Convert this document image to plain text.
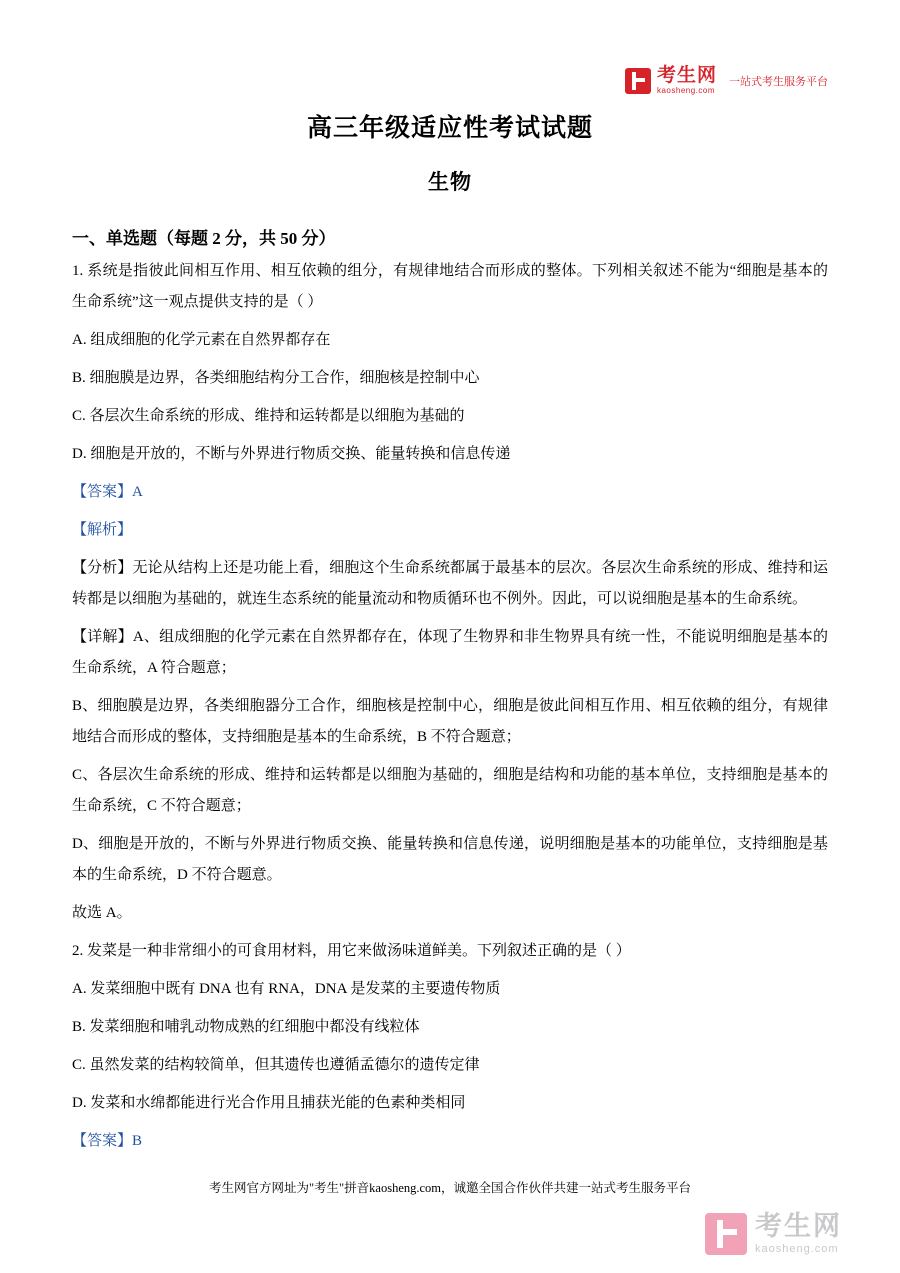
考生网
kaosheng.com
一站式考生服务平台
高三年级适应性考试试题
生物
一、单选题（每题 2 分，共 50 分）

1. 系统是指彼此间相互作用、相互依赖的组分，有规律地结合而形成的整体。下列相关叙述不能为“细胞是基本的生命系统”这一观点提供支持的是（ ）

A. 组成细胞的化学元素在自然界都存在

B. 细胞膜是边界，各类细胞结构分工合作，细胞核是控制中心

C. 各层次生命系统的形成、维持和运转都是以细胞为基础的

D. 细胞是开放的，不断与外界进行物质交换、能量转换和信息传递

【答案】A

【解析】

【分析】无论从结构上还是功能上看，细胞这个生命系统都属于最基本的层次。各层次生命系统的形成、维持和运转都是以细胞为基础的，就连生态系统的能量流动和物质循环也不例外。因此，可以说细胞是基本的生命系统。

【详解】A、组成细胞的化学元素在自然界都存在，体现了生物界和非生物界具有统一性，不能说明细胞是基本的生命系统，A 符合题意；

B、细胞膜是边界，各类细胞器分工合作，细胞核是控制中心，细胞是彼此间相互作用、相互依赖的组分，有规律地结合而形成的整体，支持细胞是基本的生命系统，B 不符合题意；

C、各层次生命系统的形成、维持和运转都是以细胞为基础的，细胞是结构和功能的基本单位，支持细胞是基本的生命系统，C 不符合题意；

D、细胞是开放的，不断与外界进行物质交换、能量转换和信息传递，说明细胞是基本的功能单位，支持细胞是基本的生命系统，D 不符合题意。

故选 A。

2. 发菜是一种非常细小的可食用材料，用它来做汤味道鲜美。下列叙述正确的是（ ）

A. 发菜细胞中既有 DNA 也有 RNA，DNA 是发菜的主要遗传物质

B. 发菜细胞和哺乳动物成熟的红细胞中都没有线粒体

C. 虽然发菜的结构较简单，但其遗传也遵循孟德尔的遗传定律

D. 发菜和水绵都能进行光合作用且捕获光能的色素种类相同

【答案】B

考生网官方网址为"考生"拼音kaosheng.com，诚邀全国合作伙伴共建一站式考生服务平台
考生网
kaosheng.com
